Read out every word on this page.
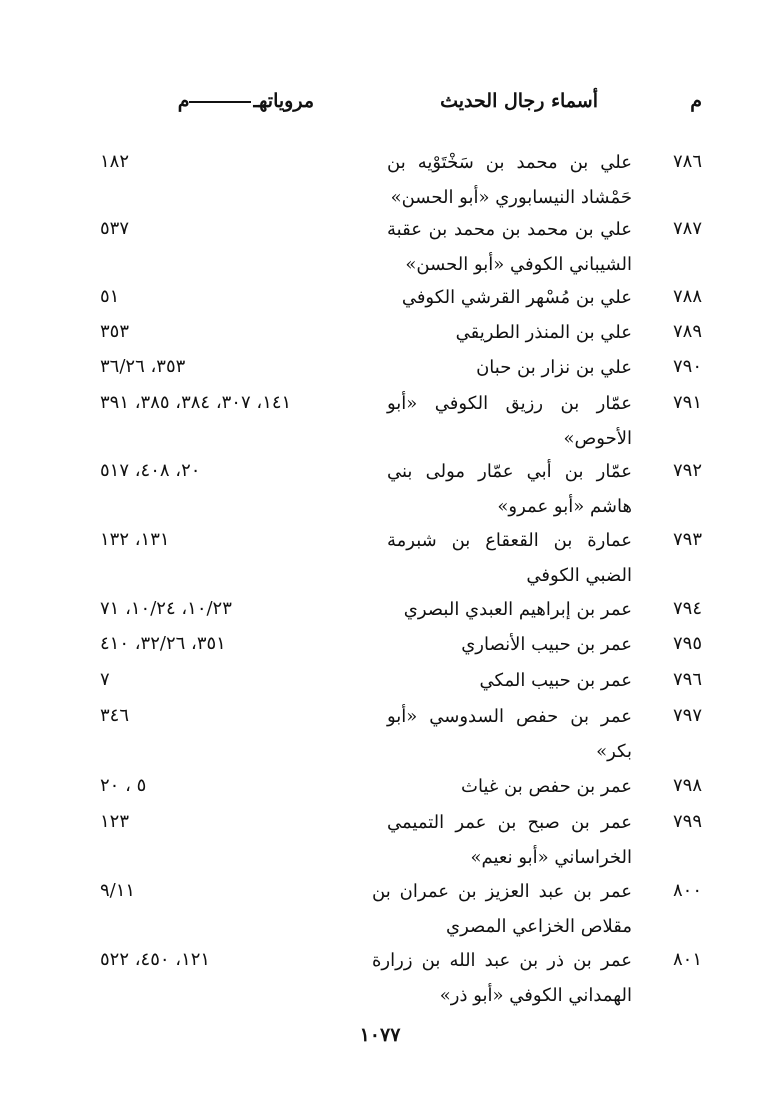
م
أسماء رجال الحديث
مروياتهـم
٧٨٦
علي بن محمد بن سَخْتَوْيه بن حَمْشاد النيسابوري «أبو الحسن»
١٨٢
٧٨٧
علي بن محمد بن محمد بن عقبة الشيباني الكوفي «أبو الحسن»
٥٣٧
٧٨٨
علي بن مُسْهر القرشي الكوفي
٥١
٧٨٩
علي بن المنذر الطريقي
٣٥٣
٧٩٠
علي بن نزار بن حبان
٣٥٣، ٣٦/٢٦
٧٩١
عمّار بن رزيق الكوفي «أبو الأحوص»
١٤١، ٣٠٧، ٣٨٤، ٣٨٥، ٣٩١
٧٩٢
عمّار بن أبي عمّار مولى بني هاشم «أبو عمرو»
٢٠، ٤٠٨، ٥١٧
٧٩٣
عمارة بن القعقاع بن شبرمة الضبي الكوفي
١٣١، ١٣٢
٧٩٤
عمر بن إبراهيم العبدي البصري
١٠/٢٣، ١٠/٢٤، ٧١
٧٩٥
عمر بن حبيب الأنصاري
٣٥١، ٣٢/٢٦، ٤١٠
٧٩٦
عمر بن حبيب المكي
٧
٧٩٧
عمر بن حفص السدوسي «أبو بكر»
٣٤٦
٧٩٨
عمر بن حفص بن غياث
٥ ، ٢٠
٧٩٩
عمر بن صبح بن عمر التميمي الخراساني «أبو نعيم»
١٢٣
٨٠٠
عمر بن عبد العزيز بن عمران بن مقلاص الخزاعي المصري
٩/١١
٨٠١
عمر بن ذر بن عبد الله بن زرارة الهمداني الكوفي «أبو ذر»
١٢١، ٤٥٠، ٥٢٢
١٠٧٧
